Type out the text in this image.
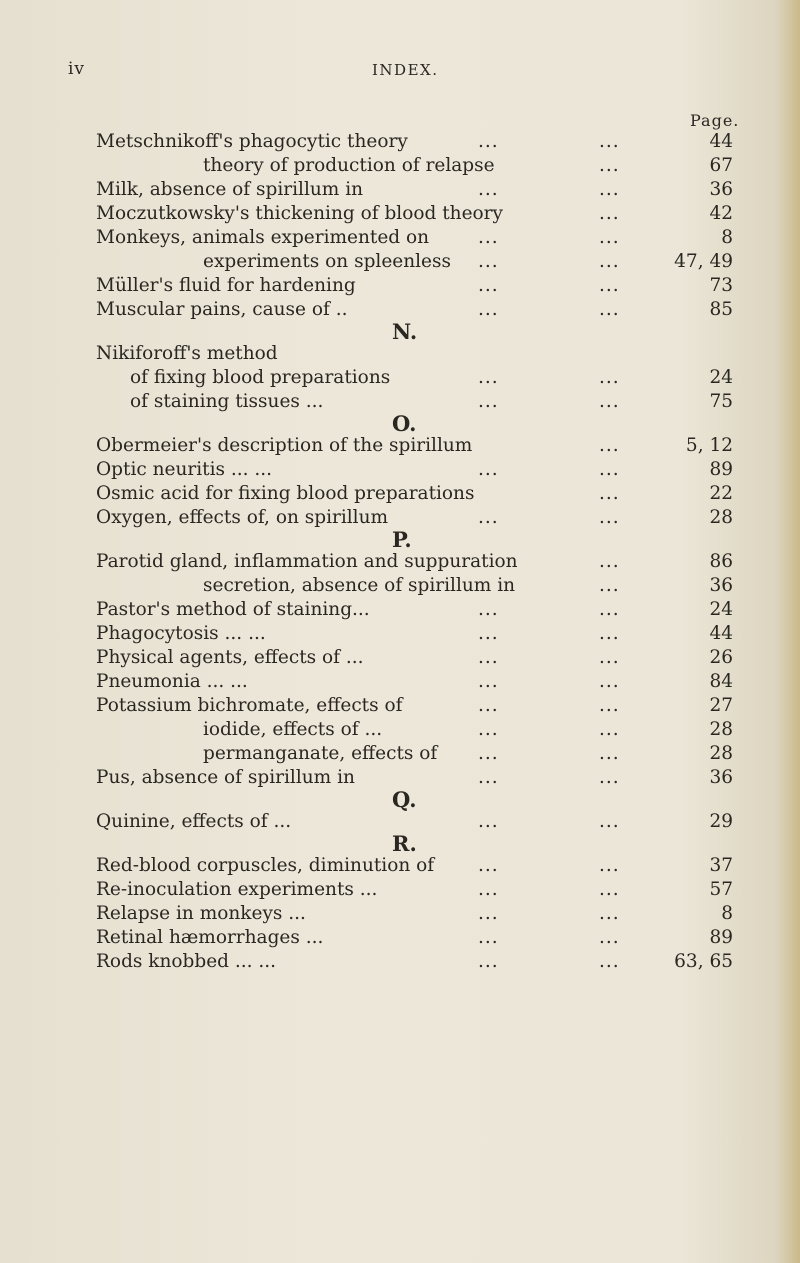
iv	INDEX.
Page.
Metschnikoff's phagocytic theory	...	...	44
theory of production of relapse	...	67
Milk, absence of spirillum in	...	...	36
Moczutkowsky's thickening of blood theory	...	42
Monkeys, animals experimented on	...	...	8
experiments on spleenless ...	...	47, 49
Müller's fluid for hardening	...	...	73
Muscular pains, cause of ..	...	...	85
N.
Nikiforoff's method
of fixing blood preparations	...	...	24
of staining tissues ...	...	...	75
O.
Obermeier's description of the spirillum	...	5, 12
Optic neuritis ... ...	...	...	89
Osmic acid for fixing blood preparations	...	22
Oxygen, effects of, on spirillum	...	...	28
P.
Parotid gland, inflammation and suppuration	...	86
secretion, absence of spirillum in	...	36
Pastor's method of staining...	...	...	24
Phagocytosis ... ...	...	...	44
Physical agents, effects of ...	...	...	26
Pneumonia ... ...	...	...	84
Potassium bichromate, effects of	...	...	27
iodide, effects of ...	...	...	28
permanganate, effects of ...	...	28
Pus, absence of spirillum in	...	...	36
Q.
Quinine, effects of ...	...	...	29
R.
Red-blood corpuscles, diminution of ...	...	37
Re-inoculation experiments ...	...	...	57
Relapse in monkeys ...	...	...	8
Retinal hæmorrhages ...	...	...	89
Rods knobbed ... ...	...	...	63, 65
